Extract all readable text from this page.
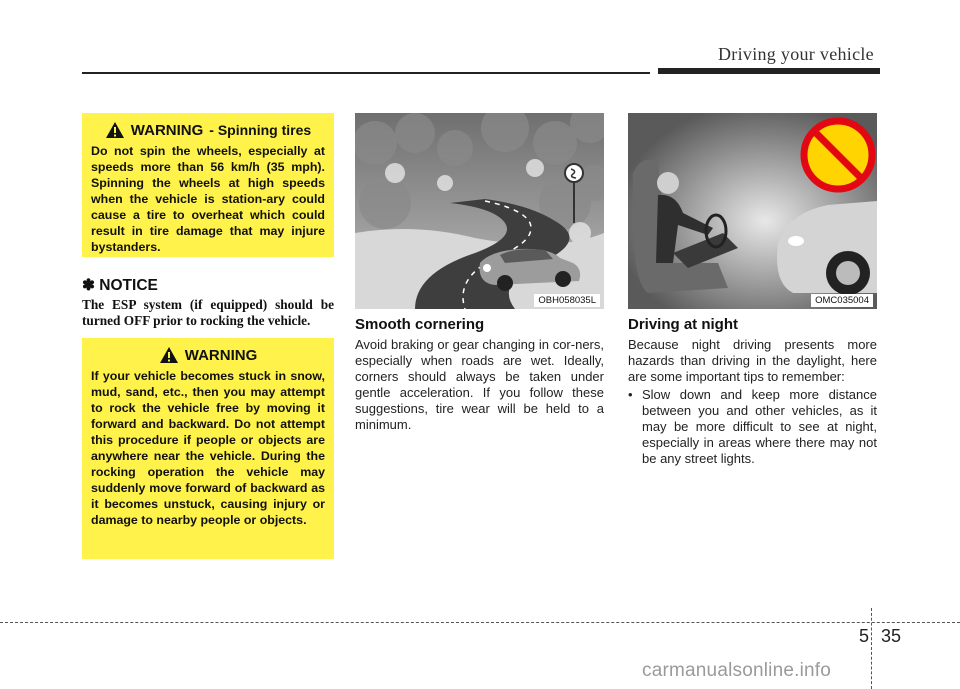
Driving your vehicle
WARNING - Spinning tires
Do not spin the wheels, especially at speeds more than 56 km/h (35 mph). Spinning the wheels at high speeds when the vehicle is station-ary could cause a tire to overheat which could result in tire damage that may injure bystanders.
✽ NOTICE
The ESP system (if equipped) should be turned OFF prior to rocking the vehicle.
WARNING
If your vehicle becomes stuck in snow, mud, sand, etc., then you may attempt to rock the vehicle free by moving it forward and backward. Do not attempt this procedure if people or objects are anywhere near the vehicle. During the rocking operation the vehicle may suddenly move forward of backward as it becomes unstuck, causing injury or damage to nearby people or objects.
OBH058035L	OMC035004
Smooth cornering
Avoid braking or gear changing in cor-ners, especially when roads are wet. Ideally, corners should always be taken under gentle acceleration. If you follow these suggestions, tire wear will be held to a minimum.
Driving at night
Because night driving presents more hazards than driving in the daylight, here are some important tips to remember:
• Slow down and keep more distance between you and other vehicles, as it may be more difficult to see at night, especially in areas where there may not be any street lights.
5 35
carmanualsonline.info
